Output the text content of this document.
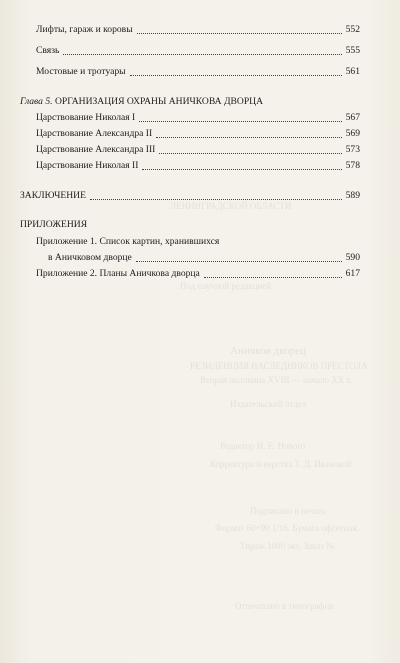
ЛЕНИНГРАДСКОЙ ОБЛАСТИ
Под научной редакцией
Аничков дворец
РЕЗИДЕНЦИЯ НАСЛЕДНИКОВ ПРЕСТОЛА
Вторая половина XVIII — начало XX в.
Издательский отдел
Редактор И. Е. Нового
Корректура и верстка Т. Д. Ивановой
Подписано в печать
Формат 60×90 1/16. Бумага офсетная.
Тираж 1000 экз. Заказ №
Отпечатано в типографии
Лифты, гараж и коровы	552
Связь	555
Мостовые и тротуары	561
Глава 5. ОРГАНИЗАЦИЯ ОХРАНЫ АНИЧКОВА ДВОРЦА
Царствование Николая I	567
Царствование Александра II	569
Царствование Александра III	573
Царствование Николая II	578
ЗАКЛЮЧЕНИЕ	589
ПРИЛОЖЕНИЯ
Приложение 1. Список картин, хранившихся
в Аничковом дворце	590
Приложение 2. Планы Аничкова дворца	617
